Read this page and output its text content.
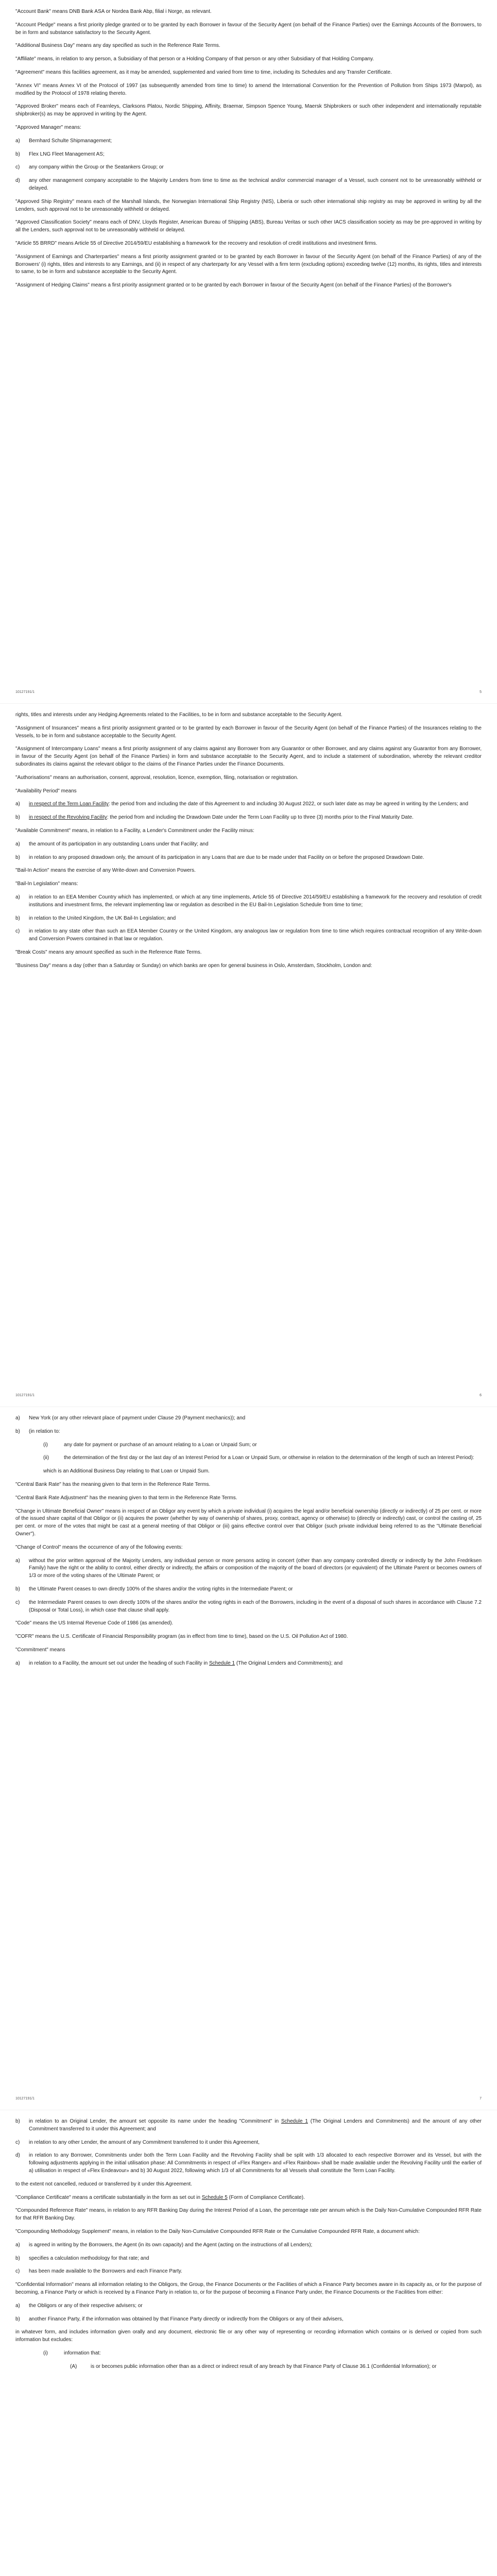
"Account Bank" means DNB Bank ASA or Nordea Bank Abp, filial i Norge, as relevant.

"Account Pledge" means a first priority pledge granted or to be granted by each Borrower in favour of the Security Agent (on behalf of the Finance Parties) over the Earnings Accounts of the Borrowers, to be in form and substance satisfactory to the Security Agent.

"Additional Business Day" means any day specified as such in the Reference Rate Terms.

"Affiliate" means, in relation to any person, a Subsidiary of that person or a Holding Company of that person or any other Subsidiary of that Holding Company.

"Agreement" means this facilities agreement, as it may be amended, supplemented and varied from time to time, including its Schedules and any Transfer Certificate.

"Annex VI" means Annex VI of the Protocol of 1997 (as subsequently amended from time to time) to amend the International Convention for the Prevention of Pollution from Ships 1973 (Marpol), as modified by the Protocol of 1978 relating thereto.

"Approved Broker" means each of Fearnleys, Clarksons Platou, Nordic Shipping, Affinity, Braemar, Simpson Spence Young, Maersk Shipbrokers or such other independent and internationally reputable shipbroker(s) as may be approved in writing by the Agent.

"Approved Manager" means:

a)	Bernhard Schulte Shipmanagement;
b)	Flex LNG Fleet Management AS;
c)	any company within the Group or the Seatankers Group; or
d)	any other management company acceptable to the Majority Lenders from time to time as the technical and/or commercial manager of a Vessel, such consent not to be unreasonably withheld or delayed.

"Approved Ship Registry" means each of the Marshall Islands, the Norwegian International Ship Registry (NIS), Liberia or such other international ship registry as may be approved in writing by all the Lenders, such approval not to be unreasonably withheld or delayed.

"Approved Classification Society" means each of DNV, Lloyds Register, American Bureau of Shipping (ABS), Bureau Veritas or such other IACS classification society as may be pre-approved in writing by all the Lenders, such approval not to be unreasonably withheld or delayed.

"Article 55 BRRD" means Article 55 of Directive 2014/59/EU establishing a framework for the recovery and resolution of credit institutions and investment firms.

"Assignment of Earnings and Charterparties" means a first priority assignment granted or to be granted by each Borrower in favour of the Security Agent (on behalf of the Finance Parties) of any of the Borrowers' (i) rights, titles and interests to any Earnings, and (ii) in respect of any charterparty for any Vessel with a firm term (excluding options) exceeding twelve (12) months, its rights, titles and interests to same, to be in form and substance acceptable to the Security Agent.

"Assignment of Hedging Claims" means a first priority assignment granted or to be granted by each Borrower in favour of the Security Agent (on behalf of the Finance Parties) of the Borrower's

10127191/1	5

rights, titles and interests under any Hedging Agreements related to the Facilities, to be in form and substance acceptable to the Security Agent.

"Assignment of Insurances" means a first priority assignment granted or to be granted by each Borrower in favour of the Security Agent (on behalf of the Finance Parties) of the Insurances relating to the Vessels, to be in form and substance acceptable to the Security Agent.

"Assignment of Intercompany Loans" means a first priority assignment of any claims against any Borrower from any Guarantor or other Borrower, and any claims against any Guarantor from any Borrower, in favour of the Security Agent (on behalf of the Finance Parties) in form and substance acceptable to the Security Agent, and to include a statement of subordination, whereby the relevant creditor subordinates its claims against the relevant obligor to the claims of the Finance Parties under the Finance Documents.

"Authorisations" means an authorisation, consent, approval, resolution, licence, exemption, filing, notarisation or registration.

"Availability Period" means

a)	in respect of the Term Loan Facility: the period from and including the date of this Agreement to and including 30 August 2022, or such later date as may be agreed in writing by the Lenders; and
b)	in respect of the Revolving Facility: the period from and including the Drawdown Date under the Term Loan Facility up to three (3) months prior to the Final Maturity Date.

"Available Commitment" means, in relation to a Facility, a Lender's Commitment under the Facility minus:

a)	the amount of its participation in any outstanding Loans under that Facility; and
b)	in relation to any proposed drawdown only, the amount of its participation in any Loans that are due to be made under that Facility on or before the proposed Drawdown Date.

"Bail-In Action" means the exercise of any Write-down and Conversion Powers.

"Bail-In Legislation" means:

a)	in relation to an EEA Member Country which has implemented, or which at any time implements, Article 55 of Directive 2014/59/EU establishing a framework for the recovery and resolution of credit institutions and investment firms, the relevant implementing law or regulation as described in the EU Bail-In Legislation Schedule from time to time;
b)	in relation to the United Kingdom, the UK Bail-In Legislation; and
c)	in relation to any state other than such an EEA Member Country or the United Kingdom, any analogous law or regulation from time to time which requires contractual recognition of any Write-down and Conversion Powers contained in that law or regulation.

"Break Costs" means any amount specified as such in the Reference Rate Terms.

"Business Day" means a day (other than a Saturday or Sunday) on which banks are open for general business in Oslo, Amsterdam, Stockholm, London and:

10127191/1	6
a)	New York (or any other relevant place of payment under Clause 29 (Payment mechanics)); and
b)	(in relation to:
(i)	any date for payment or purchase of an amount relating to a Loan or Unpaid Sum; or
(ii)	the determination of the first day or the last day of an Interest Period for a Loan or Unpaid Sum, or otherwise in relation to the determination of the length of such an Interest Period):

which is an Additional Business Day relating to that Loan or Unpaid Sum.

"Central Bank Rate" has the meaning given to that term in the Reference Rate Terms.

"Central Bank Rate Adjustment" has the meaning given to that term in the Reference Rate Terms.

"Change in Ultimate Beneficial Owner" means in respect of an Obligor any event by which a private individual (i) acquires the legal and/or beneficial ownership (directly or indirectly) of 25 per cent. or more of the issued share capital of that Obligor or (ii) acquires the power (whether by way of ownership of shares, proxy, contract, agency or otherwise) to (directly or indirectly) cast, or control the casting of, 25 per cent. or more of the votes that might be cast at a general meeting of that Obligor or (iii) gains effective control over that Obligor (such private individual being referred to as the "Ultimate Beneficial Owner").

"Change of Control" means the occurrence of any of the following events:

a)	without the prior written approval of the Majority Lenders, any individual person or more persons acting in concert (other than any company controlled directly or indirectly by the John Fredriksen Family) have the right or the ability to control, either directly or indirectly, the affairs or composition of the majority of the board of directors (or equivalent) of the Ultimate Parent or becomes owners of 1/3 or more of the voting shares of the Ultimate Parent; or
b)	the Ultimate Parent ceases to own directly 100% of the shares and/or the voting rights in the Intermediate Parent; or
c)	the Intermediate Parent ceases to own directly 100% of the shares and/or the voting rights in each of the Borrowers, including in the event of a disposal of such shares in accordance with Clause 7.2 (Disposal or Total Loss), in which case that clause shall apply.

"Code" means the US Internal Revenue Code of 1986 (as amended).

"COFR" means the U.S. Certificate of Financial Responsibility program (as in effect from time to time), based on the U.S. Oil Pollution Act of 1980.

"Commitment" means

a)	in relation to a Facility, the amount set out under the heading of such Facility in Schedule 1 (The Original Lenders and Commitments); and
10127191/1	7
b)	in relation to an Original Lender, the amount set opposite its name under the heading "Commitment" in Schedule 1 (The Original Lenders and Commitments) and the amount of any other Commitment transferred to it under this Agreement; and
c)	in relation to any other Lender, the amount of any Commitment transferred to it under this Agreement,
d)	in relation to any Borrower, Commitments under both the Term Loan Facility and the Revolving Facility shall be split with 1/3 allocated to each respective Borrower and its Vessel, but with the following adjustments applying in the initial utilisation phase: All Commitments in respect of «Flex Ranger» and «Flex Rainbow» shall be made available under the Revolving Facility until the earlier of a) utilisation in respect of «Flex Endeavour» and b) 30 August 2022, following which 1/3 of all Commitments for all Vessels shall constitute the Term Loan Facility.

to the extent not cancelled, reduced or transferred by it under this Agreement.

"Compliance Certificate" means a certificate substantially in the form as set out in Schedule 5 (Form of Compliance Certificate).

"Compounded Reference Rate" means, in relation to any RFR Banking Day during the Interest Period of a Loan, the percentage rate per annum which is the Daily Non-Cumulative Compounded RFR Rate for that RFR Banking Day.

"Compounding Methodology Supplement" means, in relation to the Daily Non-Cumulative Compounded RFR Rate or the Cumulative Compounded RFR Rate, a document which:

a)	is agreed in writing by the Borrowers, the Agent (in its own capacity) and the Agent (acting on the instructions of all Lenders);
b)	specifies a calculation methodology for that rate; and
c)	has been made available to the Borrowers and each Finance Party.

"Confidential Information" means all information relating to the Obligors, the Group, the Finance Documents or the Facilities of which a Finance Party becomes aware in its capacity as, or for the purpose of becoming, a Finance Party or which is received by a Finance Party in relation to, or for the purpose of becoming a Finance Party under, the Finance Documents or the Facilities from either:

a)	the Obligors or any of their respective advisers; or
b)	another Finance Party, if the information was obtained by that Finance Party directly or indirectly from the Obligors or any of their advisers,

in whatever form, and includes information given orally and any document, electronic file or any other way of representing or recording information which contains or is derived or copied from such information but excludes:

(i)	information that:
(A)	is or becomes public information other than as a direct or indirect result of any breach by that Finance Party of Clause 36.1 (Confidential Information); or
